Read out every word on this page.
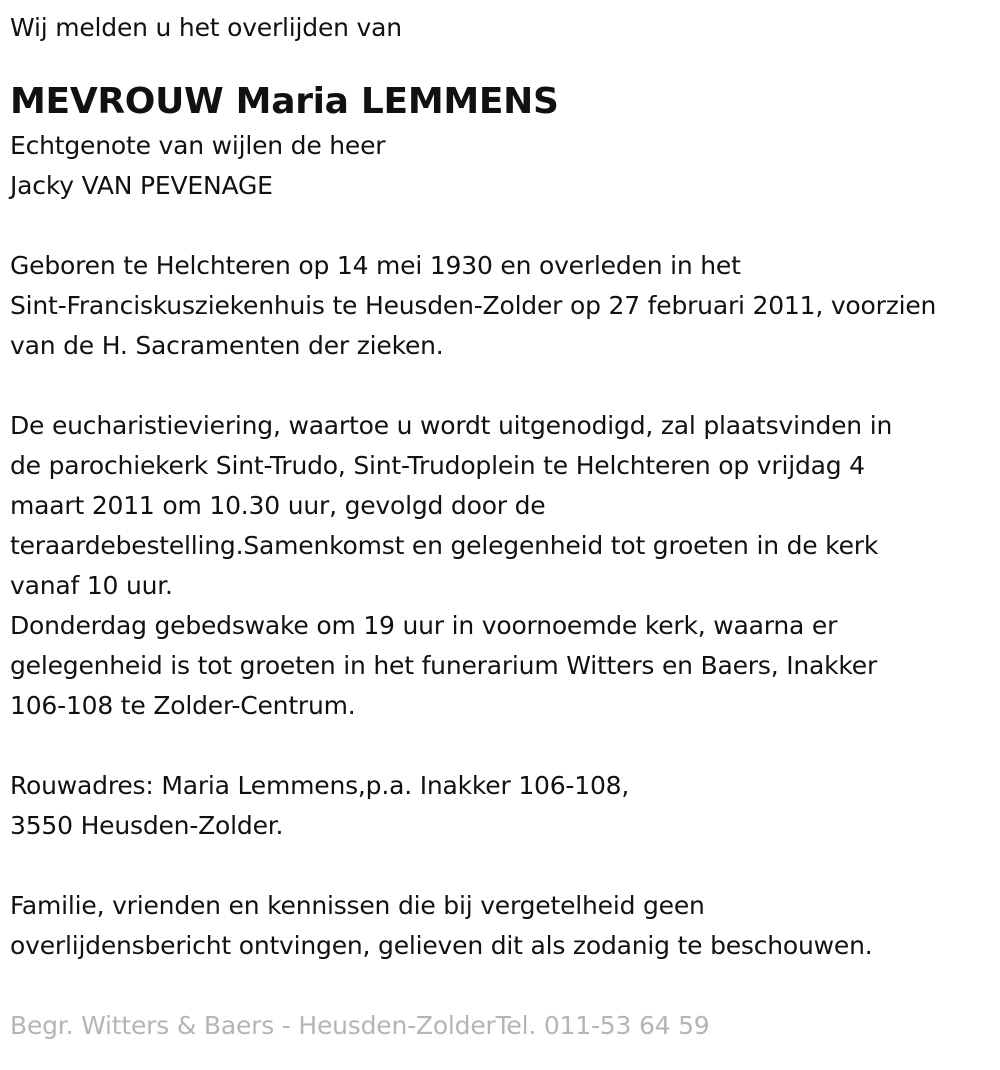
Wij melden u het overlijden van
MEVROUW Maria LEMMENS
Echtgenote van wijlen de heer
Jacky VAN PEVENAGE
Geboren te Helchteren op 14 mei 1930 en overleden in het
Sint-Franciskusziekenhuis te Heusden-Zolder op 27 februari 2011, voorzien
van de H. Sacramenten der zieken.
De eucharistieviering, waartoe u wordt uitgenodigd, zal plaatsvinden in
de parochiekerk Sint-Trudo, Sint-Trudoplein te Helchteren op vrijdag 4
maart 2011 om 10.30 uur, gevolgd door de
teraardebestelling.Samenkomst en gelegenheid tot groeten in de kerk
vanaf 10 uur.
Donderdag gebedswake om 19 uur in voornoemde kerk, waarna er
gelegenheid is tot groeten in het funerarium Witters en Baers, Inakker
106-108 te Zolder-Centrum.
Rouwadres: Maria Lemmens,p.a. Inakker 106-108,
3550 Heusden-Zolder.
Familie, vrienden en kennissen die bij vergetelheid geen
overlijdensbericht ontvingen, gelieven dit als zodanig te beschouwen.
Begr. Witters & Baers - Heusden-ZolderTel. 011-53 64 59
